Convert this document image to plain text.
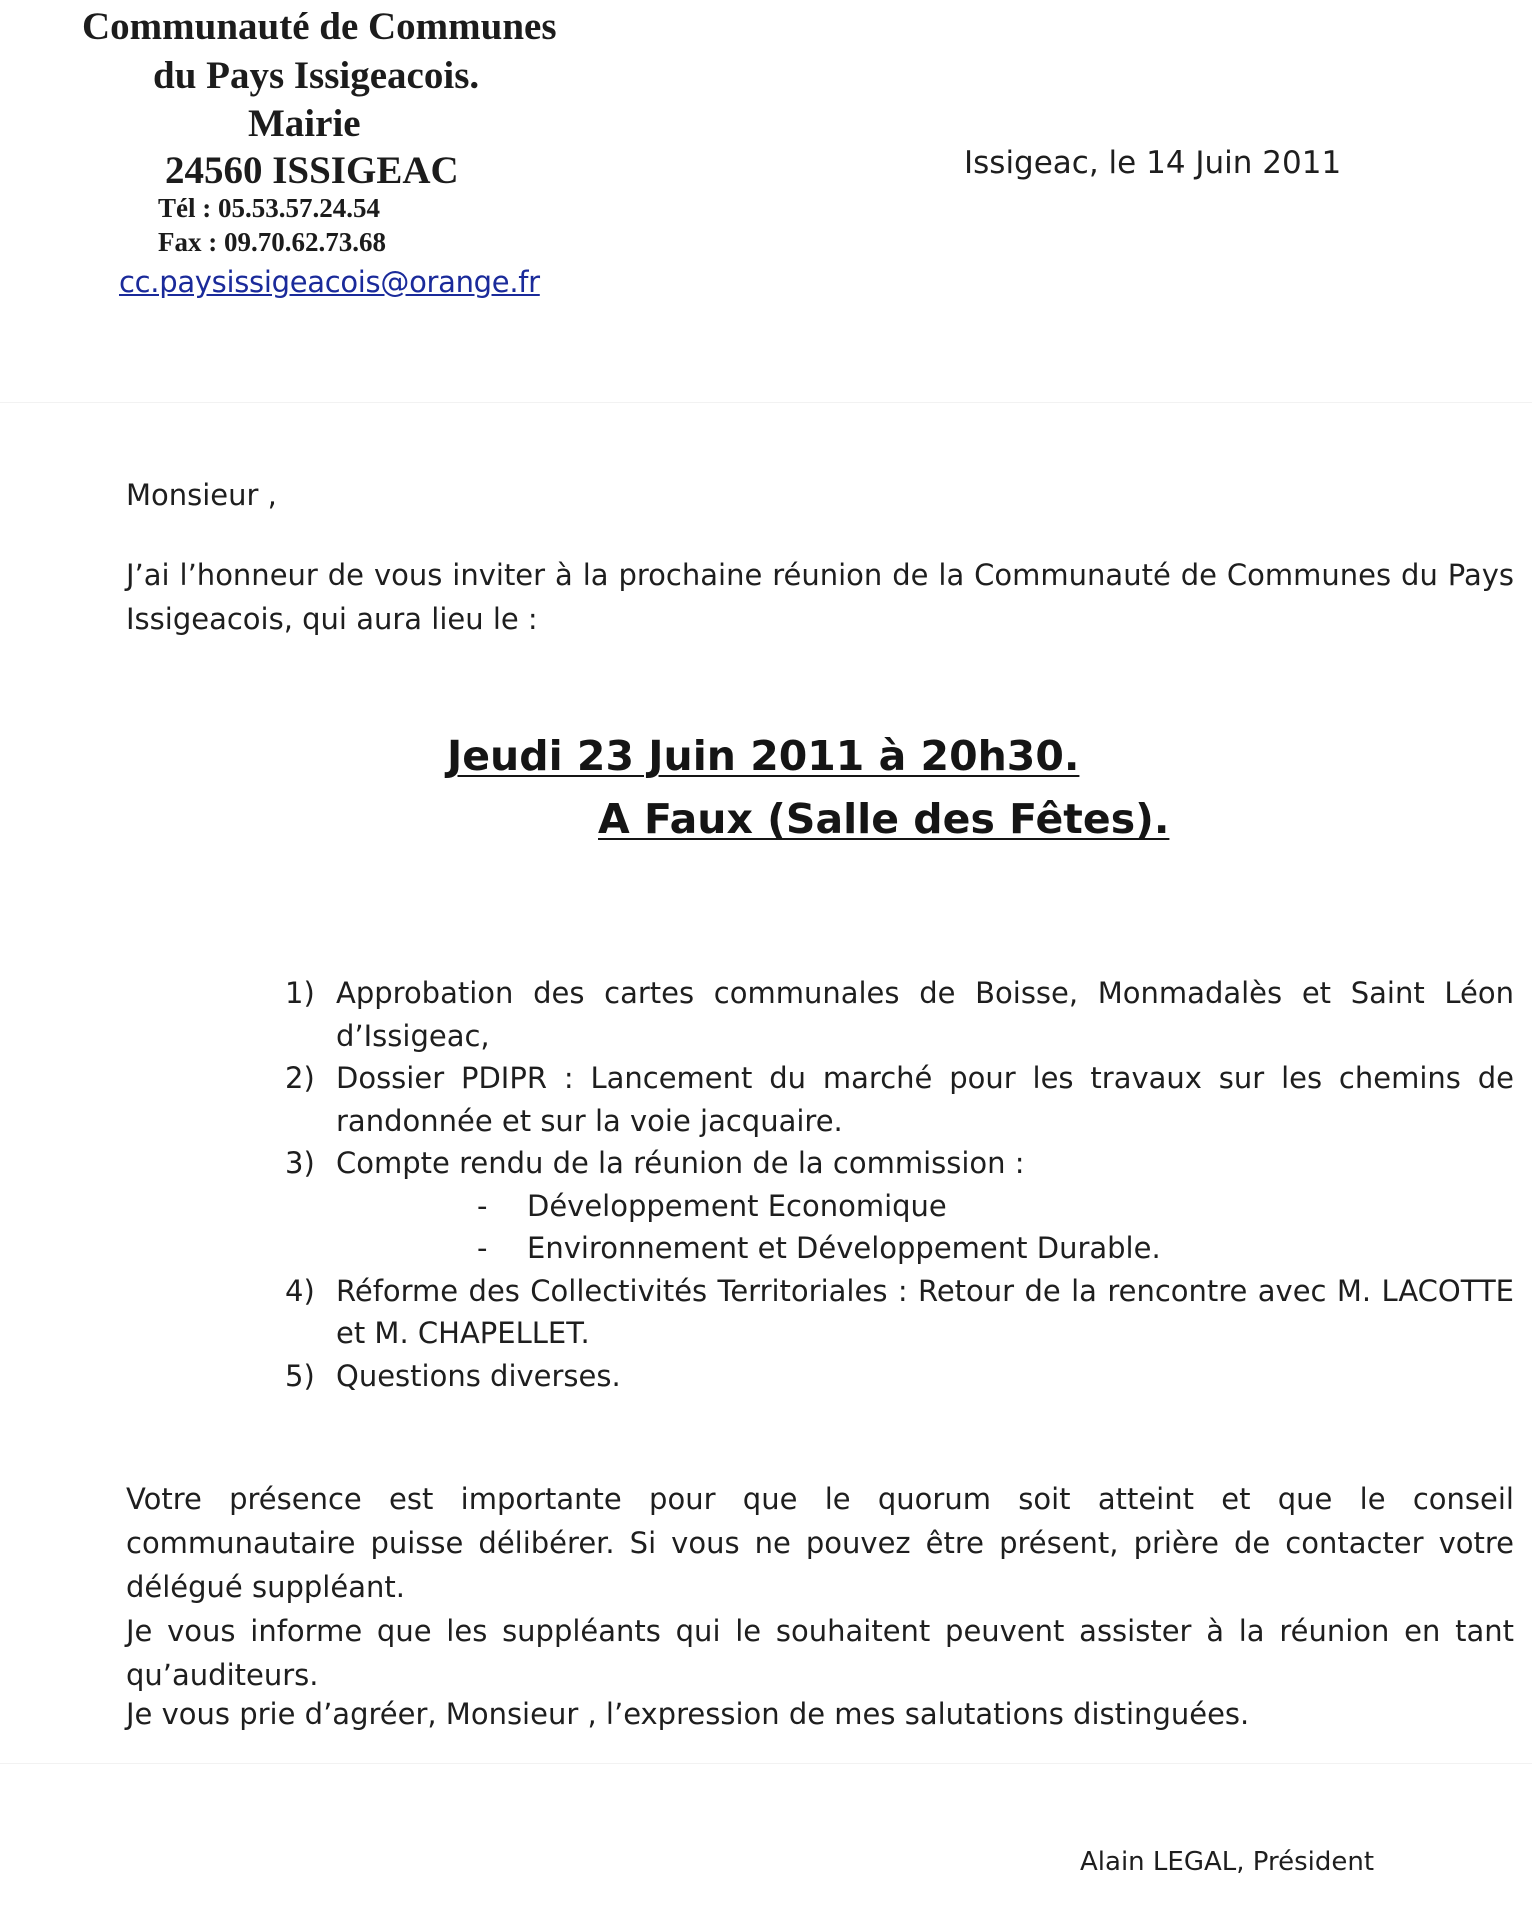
Communauté de Communes
du Pays Issigeacois.
Mairie
24560 ISSIGEAC
Tél : 05.53.57.24.54
Fax : 09.70.62.73.68
cc.paysissigeacois@orange.fr
Issigeac, le 14 Juin 2011
Monsieur ,
J’ai l’honneur de vous inviter à la prochaine réunion de la Communauté de Communes du Pays Issigeacois, qui aura lieu le :
Jeudi 23 Juin 2011 à 20h30.
A Faux (Salle des Fêtes).
1) Approbation des cartes communales de Boisse, Monmadalès et Saint Léon d’Issigeac,
2) Dossier PDIPR : Lancement du marché pour les travaux sur les chemins de randonnée et sur la voie jacquaire.
3) Compte rendu de la réunion de la commission :
- Développement Economique
- Environnement et Développement Durable.
4) Réforme des Collectivités Territoriales : Retour de la rencontre avec M. LACOTTE et M. CHAPELLET.
5) Questions diverses.
Votre présence est importante pour que le quorum soit atteint et que le conseil communautaire puisse délibérer. Si vous ne pouvez être présent, prière de contacter votre délégué suppléant.
Je vous informe que les suppléants qui le souhaitent peuvent assister à la réunion en tant qu’auditeurs.
Je vous prie d’agréer, Monsieur , l’expression de mes salutations distinguées.
Alain LEGAL, Président
